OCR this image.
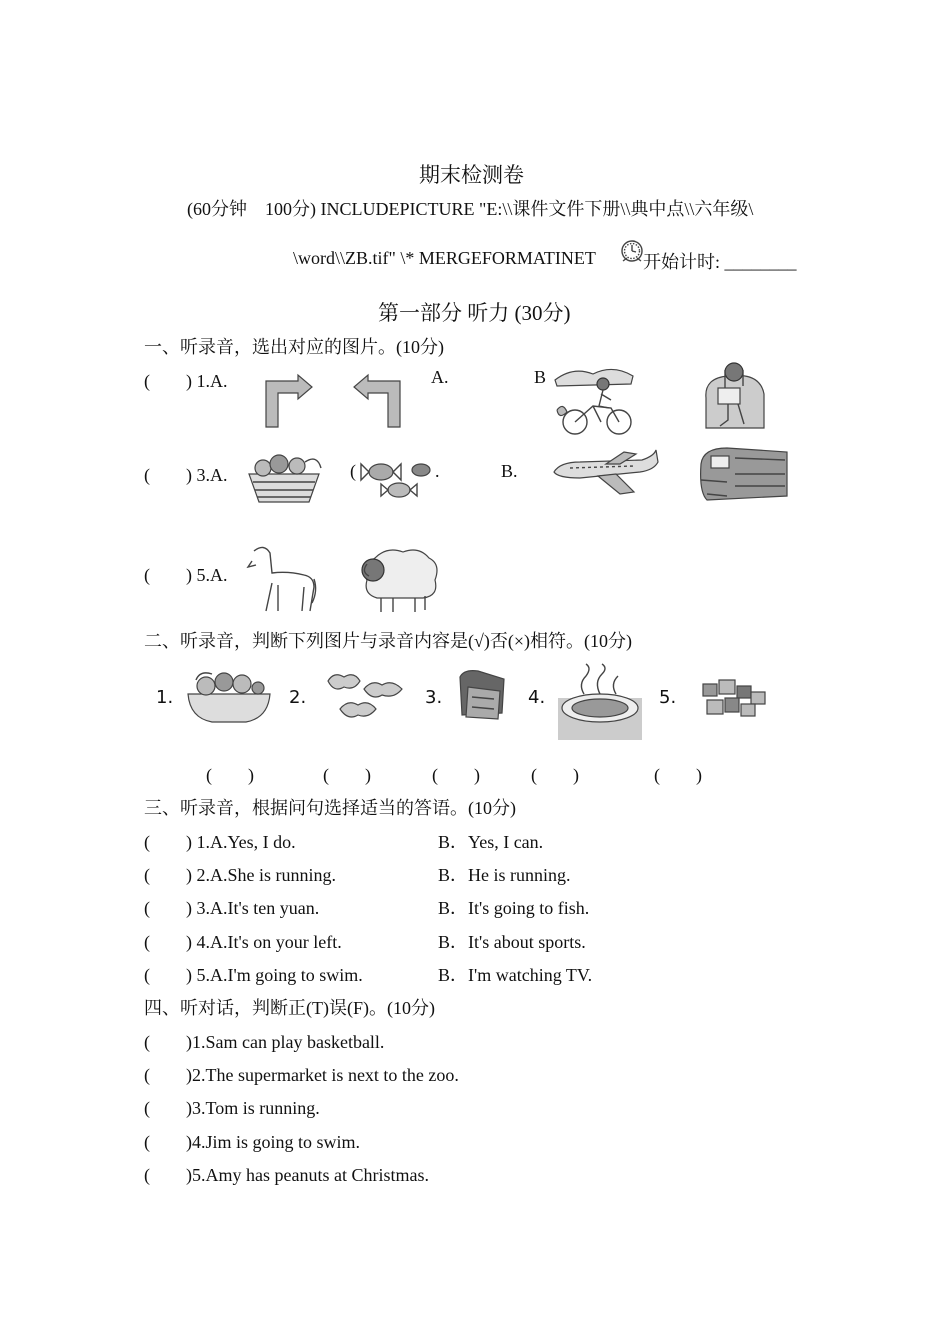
期末检测卷
(60分钟　100分) INCLUDEPICTURE "E:\\课件文件下册\\典中点\\六年级\
\word\\ZB.tif" \* MERGEFORMATINET	开始计时: ________
第一部分 听力 (30分)
一、听录音，选出对应的图片。(10分)
(　　) 1.A.	A.	B
(　　) 3.A.	(	.	B.
(　　) 5.A.
二、听录音，判断下列图片与录音内容是(√)否(×)相符。(10分)
1.	2.	3.	4.	5.
(　　)	(　　)	(　　)	(　　)	(　　)
三、听录音，根据问句选择适当的答语。(10分)
(　　) 1.A.Yes, I do.	B．Yes, I can.
(　　) 2.A.She is running.	B．He is running.
(　　) 3.A.It's ten yuan.	B．It's going to fish.
(　　) 4.A.It's on your left.	B．It's about sports.
(　　) 5.A.I'm going to swim.	B．I'm watching TV.
四、听对话，判断正(T)误(F)。(10分)
(　　)1.Sam can play basketball.
(　　)2.The supermarket is next to the zoo.
(　　)3.Tom is running.
(　　)4.Jim is going to swim.
(　　)5.Amy has peanuts at Christmas.
